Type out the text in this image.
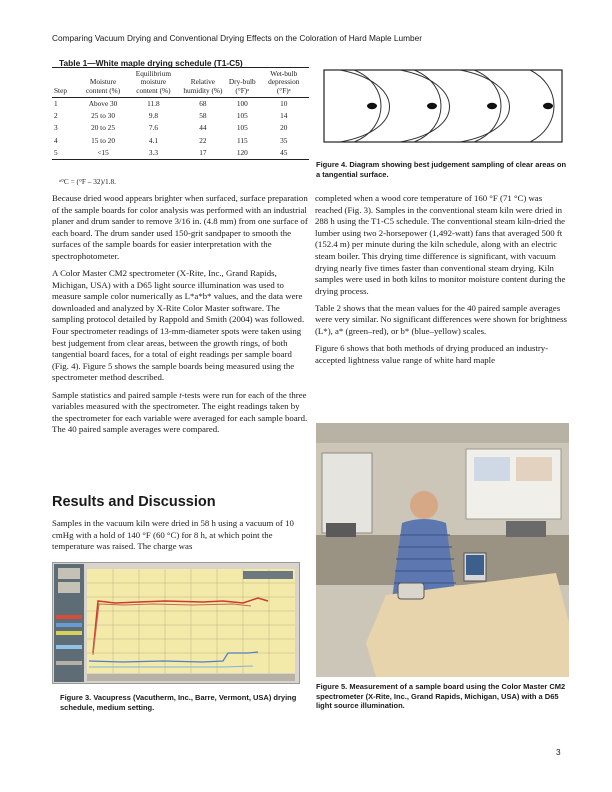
Comparing Vacuum Drying and Conventional Drying Effects on the Coloration of Hard Maple Lumber
Table 1—White maple drying schedule (T1-C5)
Step	Moisture content (%)	Equilibrium moisture content (%)	Relative humidity (%)	Dry-bulb (°F)ᵃ	Wet-bulb depression (°F)ᵃ
1	Above 30	11.8	68	100	10
2	25 to 30	9.8	58	105	14
3	20 to 25	7.6	44	105	20
4	15 to 20	4.1	22	115	35
5	<15	3.3	17	120	45
ᵃ°C = (°F – 32)/1.8.

Because dried wood appears brighter when surfaced, surface preparation of the sample boards for color analysis was performed with an industrial planer and drum sander to remove 3/16 in. (4.8 mm) from one surface of each board. The drum sander used 150-grit sandpaper to smooth the surfaces of the sample boards for easier interpretation with the spectrophotometer.

A Color Master CM2 spectrometer (X-Rite, Inc., Grand Rapids, Michigan, USA) with a D65 light source illumination was used to measure sample color numerically as L*a*b* values, and the data were downloaded and analyzed by X-Rite Color Master software. The sampling protocol detailed by Rappold and Smith (2004) was followed. Four spectrometer readings of 13-mm-diameter spots were taken using best judgement from clear areas, between the growth rings, of both tangential board faces, for a total of eight readings per sample board (Fig. 4). Figure 5 shows the sample boards being measured using the spectrometer method described.

Sample statistics and paired sample t-tests were run for each of the three variables measured with the spectrometer. The eight readings taken by the spectrometer for each variable were averaged for each sample board. The 40 paired sample averages were compared.

Results and Discussion

Samples in the vacuum kiln were dried in 58 h using a vacuum of 10 cmHg with a hold of 140 °F (60 °C) for 8 h, at which point the temperature was raised. The charge was

Figure 3. Vacupress (Vacutherm, Inc., Barre, Vermont, USA) drying schedule, medium setting.
Figure 4. Diagram showing best judgement sampling of clear areas on a tangential surface.

completed when a wood core temperature of 160 °F (71 °C) was reached (Fig. 3). Samples in the conventional steam kiln were dried in 288 h using the T1-C5 schedule. The conventional steam kiln-dried the lumber using two 2-horsepower (1,492-watt) fans that averaged 500 ft (152.4 m) per minute during the kiln schedule, along with an electric steam boiler. This drying time difference is significant, with vacuum drying nearly five times faster than conventional steam drying. Kiln samples were used in both kilns to monitor moisture content during the drying process.

Table 2 shows that the mean values for the 40 paired sample averages were very similar. No significant differences were shown for brightness (L*), a* (green–red), or b* (blue–yellow) scales.

Figure 6 shows that both methods of drying produced an industry-accepted lightness value range of white hard maple

Figure 5. Measurement of a sample board using the Color Master CM2 spectrometer (X-Rite, Inc., Grand Rapids, Michigan, USA) with a D65 light source illumination.
3
